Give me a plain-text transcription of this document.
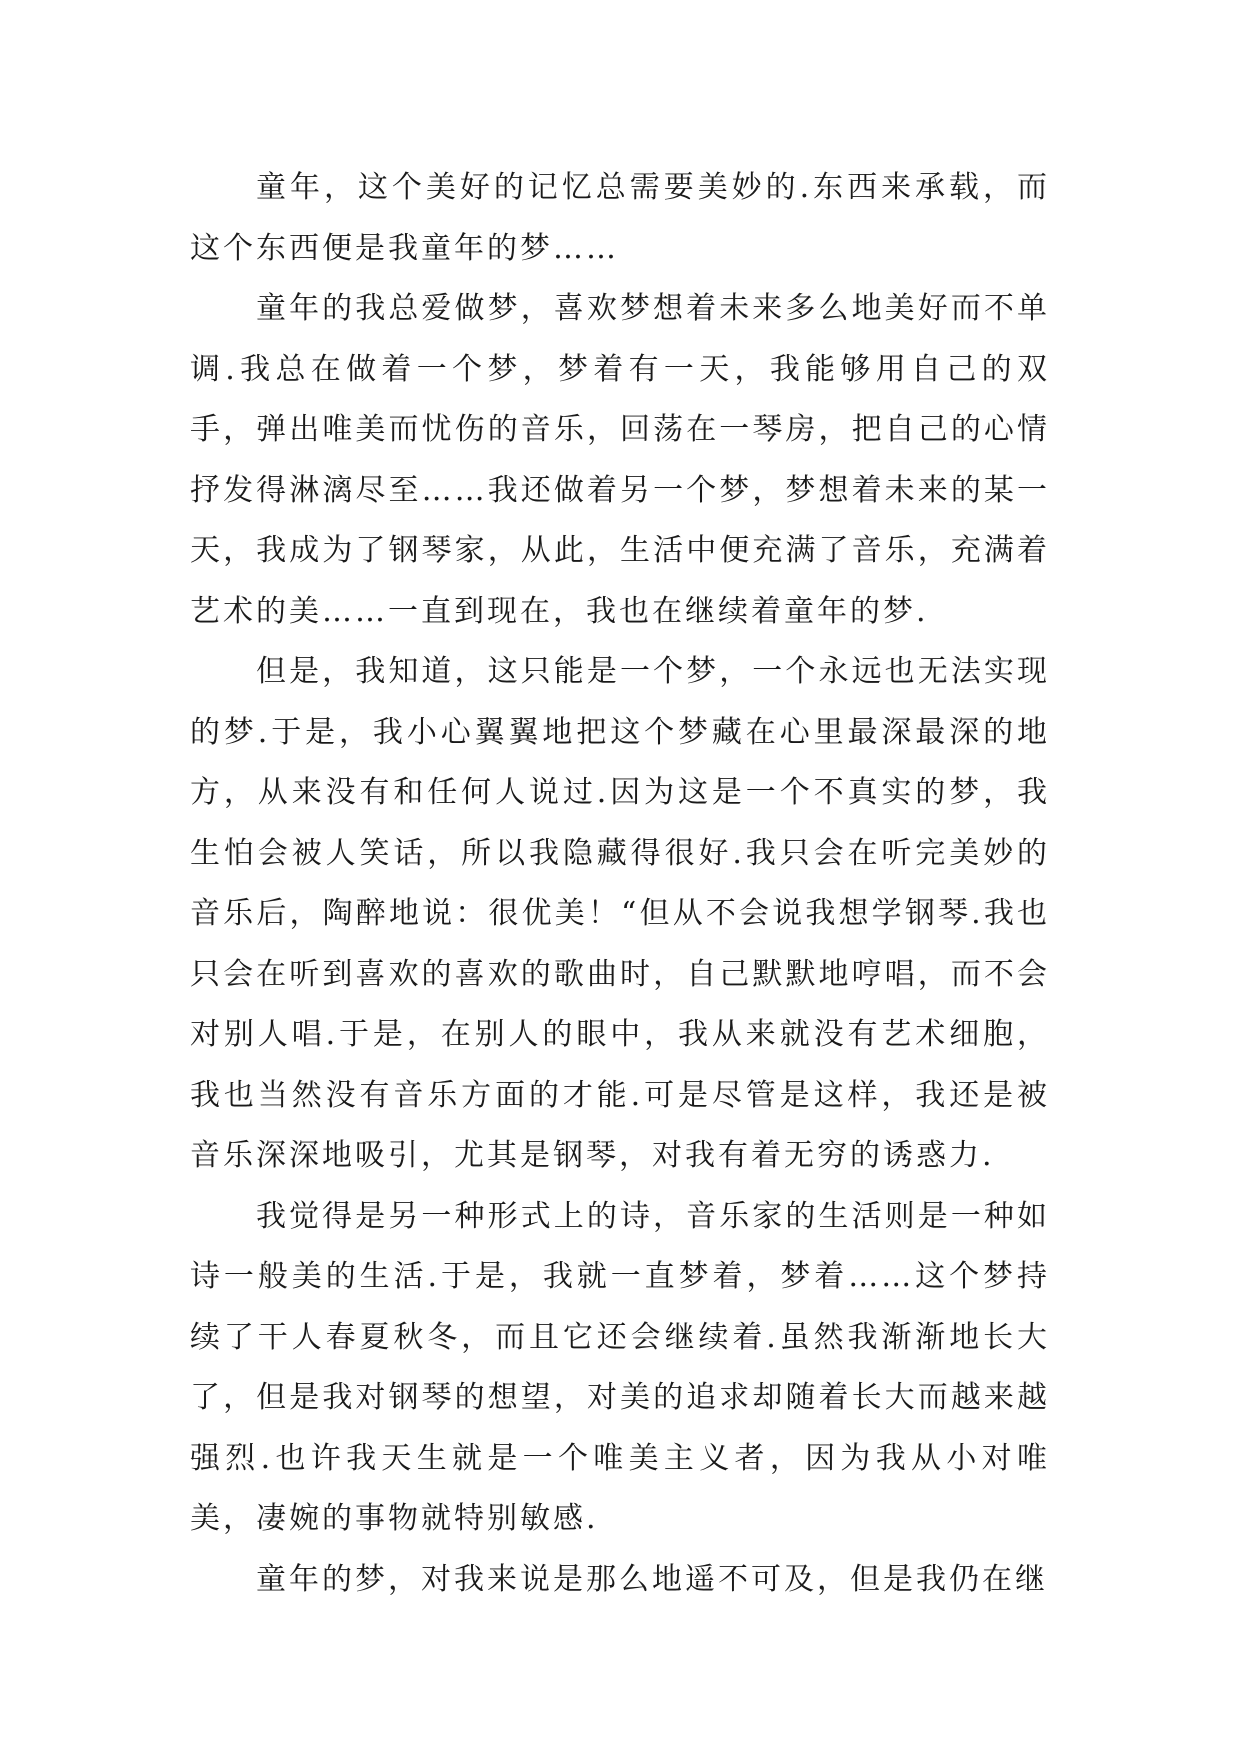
童年，这个美好的记忆总需要美妙的.东西来承载，而这个东西便是我童年的梦……

童年的我总爱做梦，喜欢梦想着未来多么地美好而不单调.我总在做着一个梦，梦着有一天，我能够用自己的双手，弹出唯美而忧伤的音乐，回荡在一琴房，把自己的心情抒发得淋漓尽至……我还做着另一个梦，梦想着未来的某一天，我成为了钢琴家，从此，生活中便充满了音乐，充满着艺术的美……一直到现在，我也在继续着童年的梦.

但是，我知道，这只能是一个梦，一个永远也无法实现的梦.于是，我小心翼翼地把这个梦藏在心里最深最深的地方，从来没有和任何人说过.因为这是一个不真实的梦，我生怕会被人笑话，所以我隐藏得很好.我只会在听完美妙的音乐后，陶醉地说：很优美！“但从不会说我想学钢琴.我也只会在听到喜欢的喜欢的歌曲时，自己默默地哼唱，而不会对别人唱.于是，在别人的眼中，我从来就没有艺术细胞，我也当然没有音乐方面的才能.可是尽管是这样，我还是被音乐深深地吸引，尤其是钢琴，对我有着无穷的诱惑力.

我觉得是另一种形式上的诗，音乐家的生活则是一种如诗一般美的生活.于是，我就一直梦着，梦着……这个梦持续了干人春夏秋冬，而且它还会继续着.虽然我渐渐地长大了，但是我对钢琴的想望，对美的追求却随着长大而越来越强烈.也许我天生就是一个唯美主义者，因为我从小对唯美，凄婉的事物就特别敏感.

童年的梦，对我来说是那么地遥不可及，但是我仍在继
